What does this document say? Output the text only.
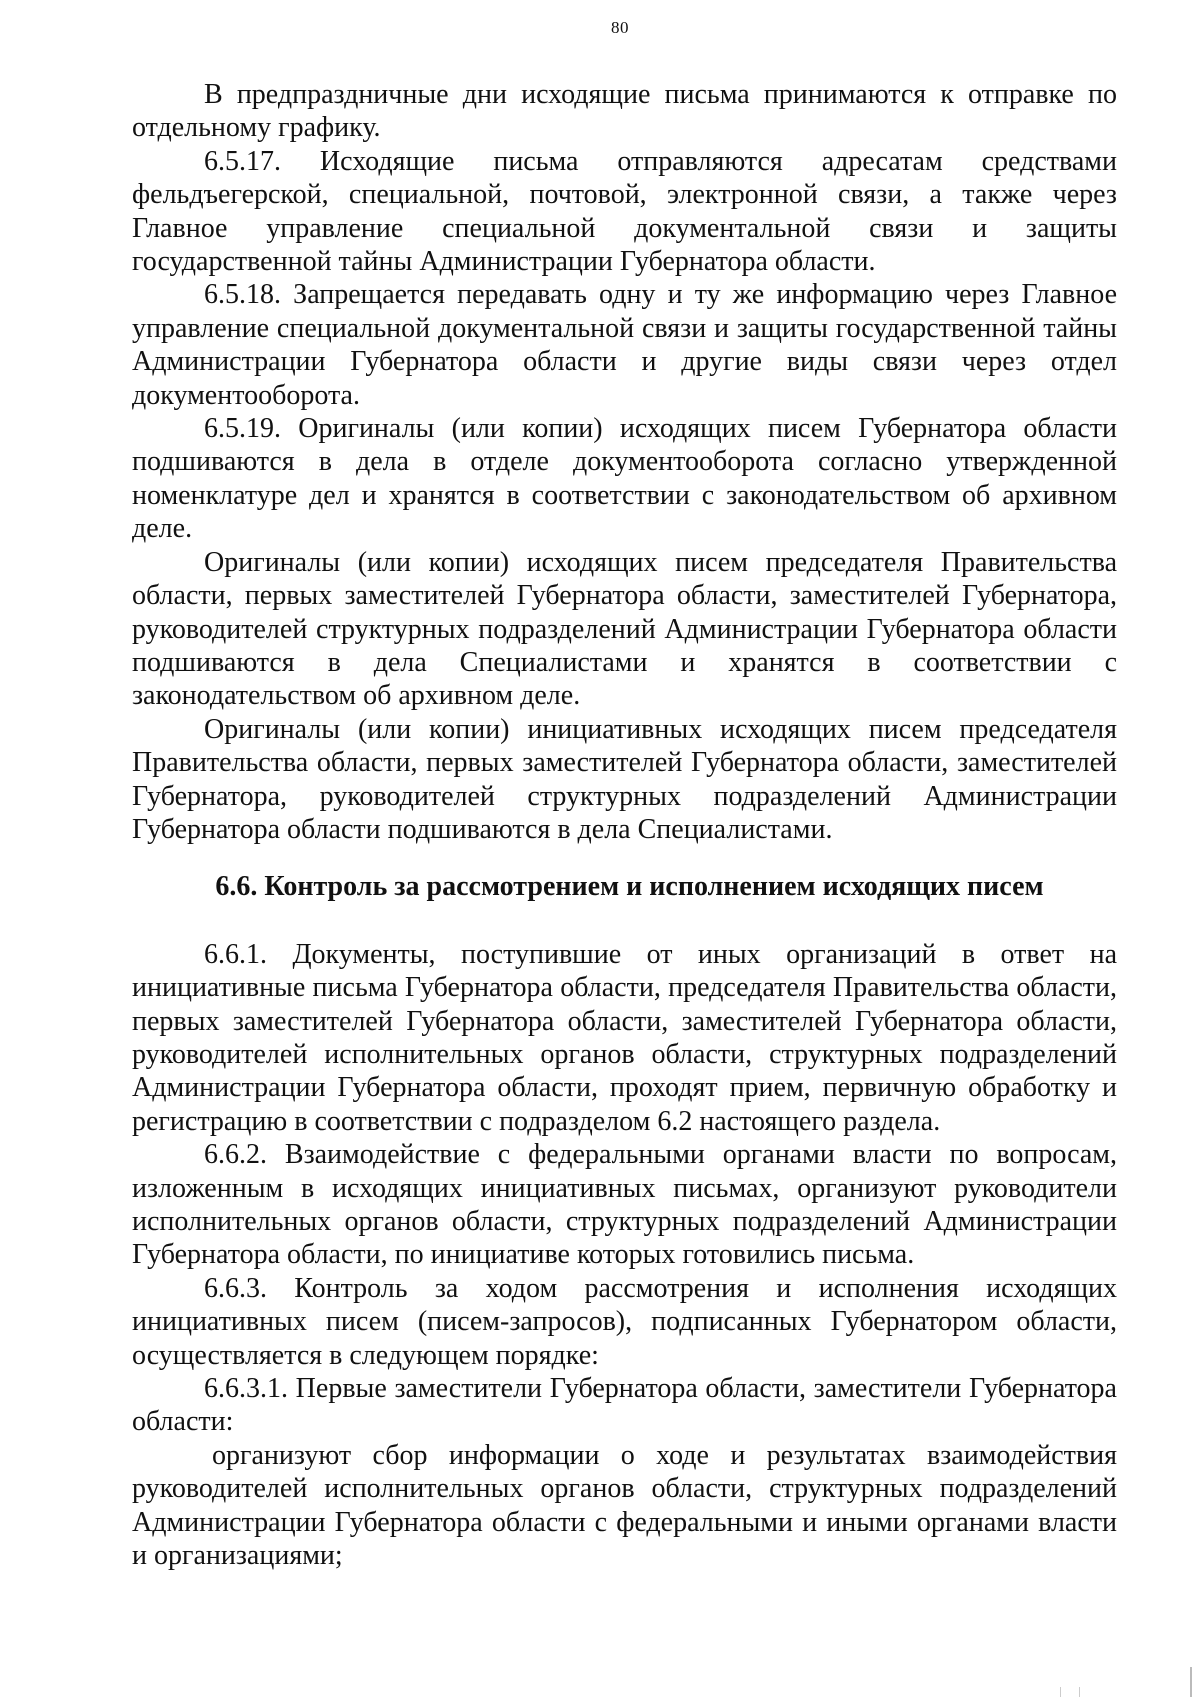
80

В предпраздничные дни исходящие письма принимаются к отправке по отдельному графику.

6.5.17. Исходящие письма отправляются адресатам средствами фельдъегерской, специальной, почтовой, электронной связи, а также через Главное управление специальной документальной связи и защиты государственной тайны Администрации Губернатора области.

6.5.18. Запрещается передавать одну и ту же информацию через Главное управление специальной документальной связи и защиты государственной тайны Администрации Губернатора области и другие виды связи через отдел документооборота.

6.5.19. Оригиналы (или копии) исходящих писем Губернатора области подшиваются в дела в отделе документооборота согласно утвержденной номенклатуре дел и хранятся в соответствии с законодательством об архивном деле.

Оригиналы (или копии) исходящих писем председателя Правительства области, первых заместителей Губернатора области, заместителей Губернатора, руководителей структурных подразделений Администрации Губернатора области подшиваются в дела Специалистами и хранятся в соответствии с законодательством об архивном деле.

Оригиналы (или копии) инициативных исходящих писем председателя Правительства области, первых заместителей Губернатора области, заместителей Губернатора, руководителей структурных подразделений Администрации Губернатора области подшиваются в дела Специалистами.

6.6. Контроль за рассмотрением и исполнением исходящих писем

6.6.1. Документы, поступившие от иных организаций в ответ на инициативные письма Губернатора области, председателя Правительства области, первых заместителей Губернатора области, заместителей Губернатора области, руководителей исполнительных органов области, структурных подразделений Администрации Губернатора области, проходят прием, первичную обработку и регистрацию в соответствии с подразделом 6.2 настоящего раздела.

6.6.2. Взаимодействие с федеральными органами власти по вопросам, изложенным в исходящих инициативных письмах, организуют руководители исполнительных органов области, структурных подразделений Администрации Губернатора области, по инициативе которых готовились письма.

6.6.3. Контроль за ходом рассмотрения и исполнения исходящих инициативных писем (писем-запросов), подписанных Губернатором области, осуществляется в следующем порядке:

6.6.3.1. Первые заместители Губернатора области, заместители Губернатора области:

организуют сбор информации о ходе и результатах взаимодействия руководителей исполнительных органов области, структурных подразделений Администрации Губернатора области с федеральными и иными органами власти и организациями;
